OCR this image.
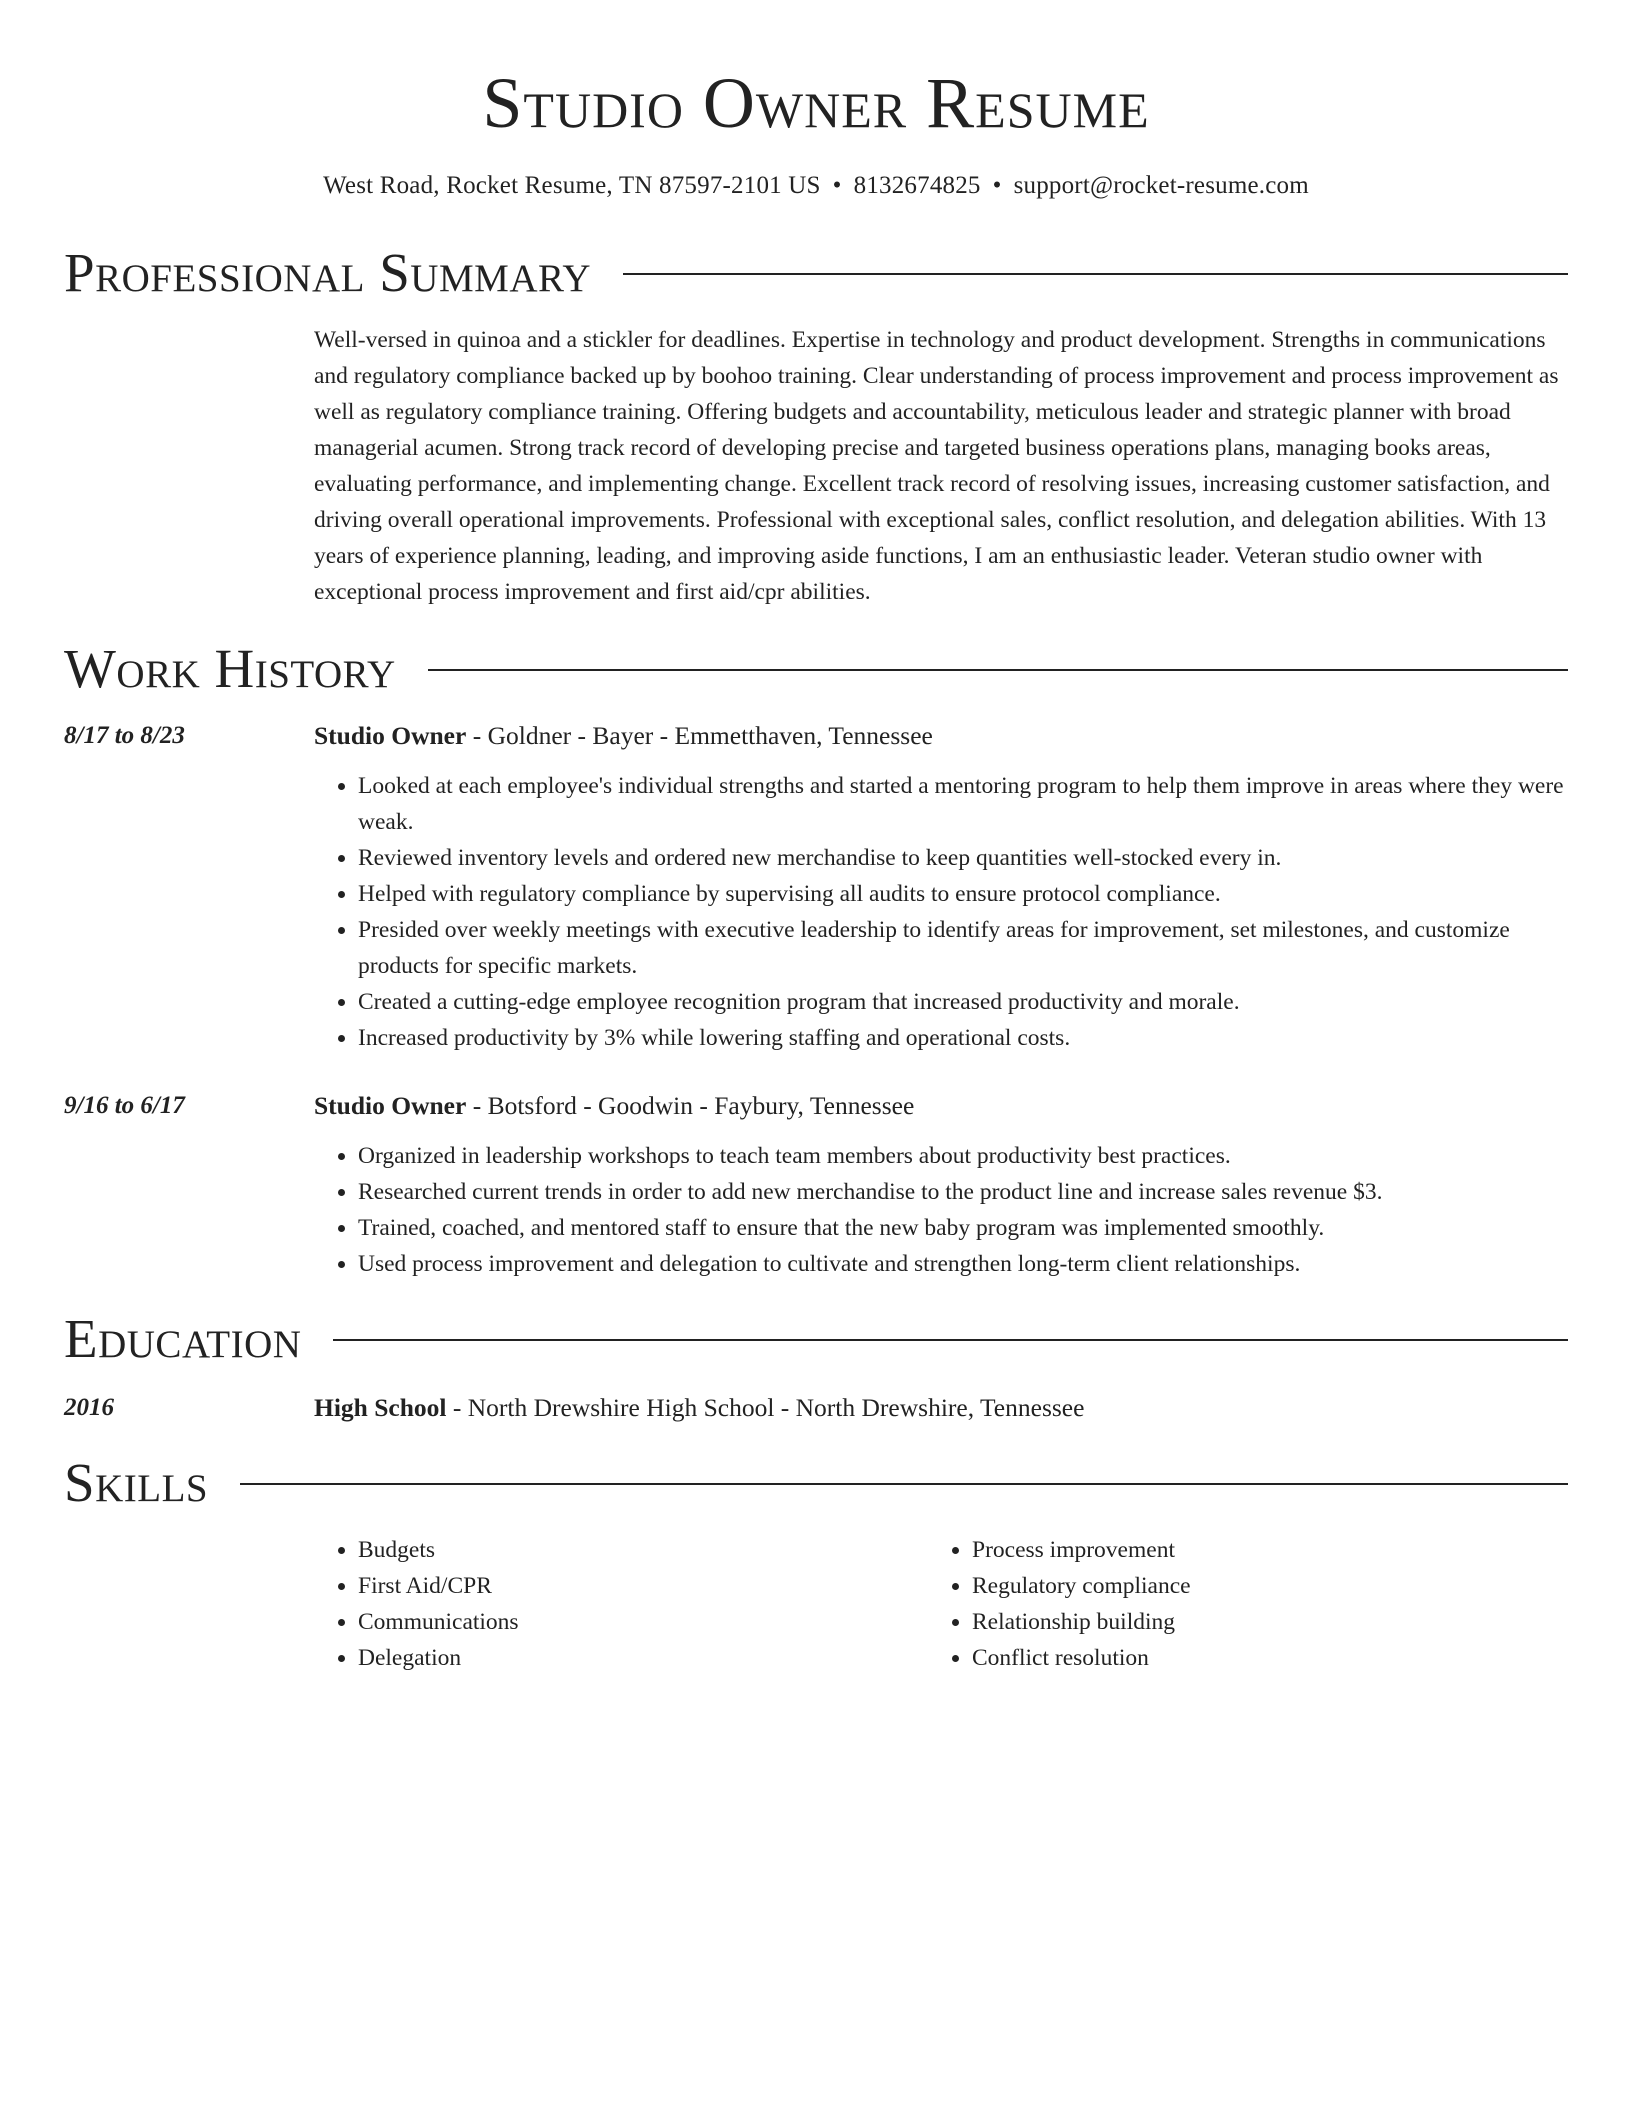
Studio Owner Resume
West Road, Rocket Resume, TN 87597-2101 US • 8132674825 • support@rocket-resume.com
Professional Summary
Well-versed in quinoa and a stickler for deadlines. Expertise in technology and product development. Strengths in communications and regulatory compliance backed up by boohoo training. Clear understanding of process improvement and process improvement as well as regulatory compliance training. Offering budgets and accountability, meticulous leader and strategic planner with broad managerial acumen. Strong track record of developing precise and targeted business operations plans, managing books areas, evaluating performance, and implementing change. Excellent track record of resolving issues, increasing customer satisfaction, and driving overall operational improvements. Professional with exceptional sales, conflict resolution, and delegation abilities. With 13 years of experience planning, leading, and improving aside functions, I am an enthusiastic leader. Veteran studio owner with exceptional process improvement and first aid/cpr abilities.
Work History
8/17 to 8/23	Studio Owner - Goldner - Bayer - Emmetthaven, Tennessee
• Looked at each employee's individual strengths and started a mentoring program to help them improve in areas where they were weak.
• Reviewed inventory levels and ordered new merchandise to keep quantities well-stocked every in.
• Helped with regulatory compliance by supervising all audits to ensure protocol compliance.
• Presided over weekly meetings with executive leadership to identify areas for improvement, set milestones, and customize products for specific markets.
• Created a cutting-edge employee recognition program that increased productivity and morale.
• Increased productivity by 3% while lowering staffing and operational costs.
9/16 to 6/17	Studio Owner - Botsford - Goodwin - Faybury, Tennessee
• Organized in leadership workshops to teach team members about productivity best practices.
• Researched current trends in order to add new merchandise to the product line and increase sales revenue $3.
• Trained, coached, and mentored staff to ensure that the new baby program was implemented smoothly.
• Used process improvement and delegation to cultivate and strengthen long-term client relationships.
Education
2016	High School - North Drewshire High School - North Drewshire, Tennessee
Skills
• Budgets
• First Aid/CPR
• Communications
• Delegation
• Process improvement
• Regulatory compliance
• Relationship building
• Conflict resolution
